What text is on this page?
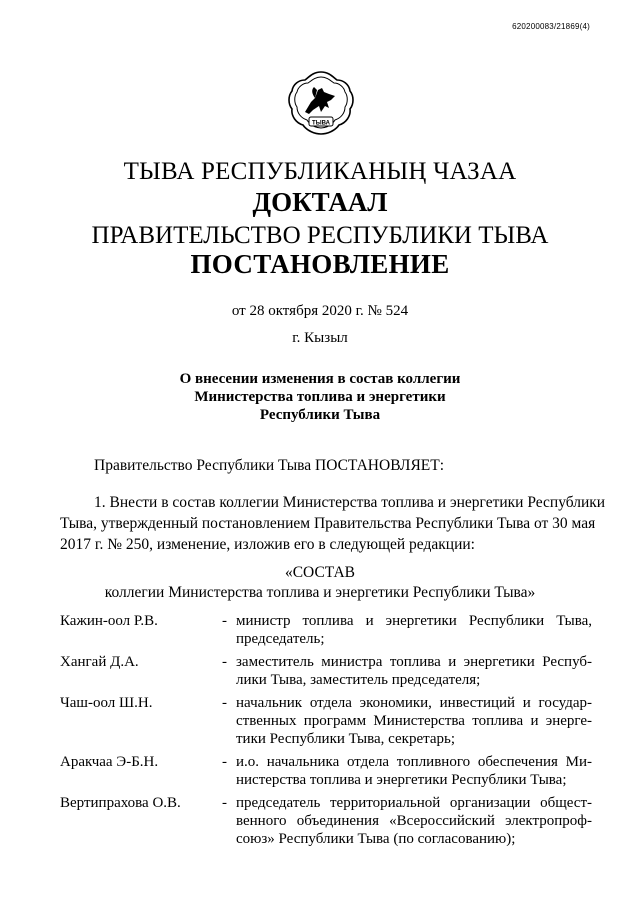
620200083/21869(4)
ТЫВА
ТЫВА РЕСПУБЛИКАНЫҢ ЧАЗАА
ДОКТААЛ
ПРАВИТЕЛЬСТВО РЕСПУБЛИКИ ТЫВА
ПОСТАНОВЛЕНИЕ
от 28 октября 2020 г. № 524
г. Кызыл
О внесении изменения в состав коллегии
Министерства топлива и энергетики
Республики Тыва
Правительство Республики Тыва ПОСТАНОВЛЯЕТ:
1. Внести в состав коллегии Министерства топлива и энергетики Республики
Тыва, утвержденный постановлением Правительства Республики Тыва от 30 мая
2017 г. № 250, изменение, изложив его в следующей редакции:
«СОСТАВ
коллегии Министерства топлива и энергетики Республики Тыва»
Кажин-оол Р.В.	- министр топлива и энергетики Республики Тыва,
председатель;
Хангай Д.А.	- заместитель министра топлива и энергетики Респуб-
лики Тыва, заместитель председателя;
Чаш-оол Ш.Н.	- начальник отдела экономики, инвестиций и государ-
ственных программ Министерства топлива и энерге-
тики Республики Тыва, секретарь;
Аракчаа Э-Б.Н.	- и.о. начальника отдела топливного обеспечения Ми-
нистерства топлива и энергетики Республики Тыва;
Вертипрахова О.В.	- председатель территориальной организации общест-
венного объединения «Всероссийский электропроф-
союз» Республики Тыва (по согласованию);
